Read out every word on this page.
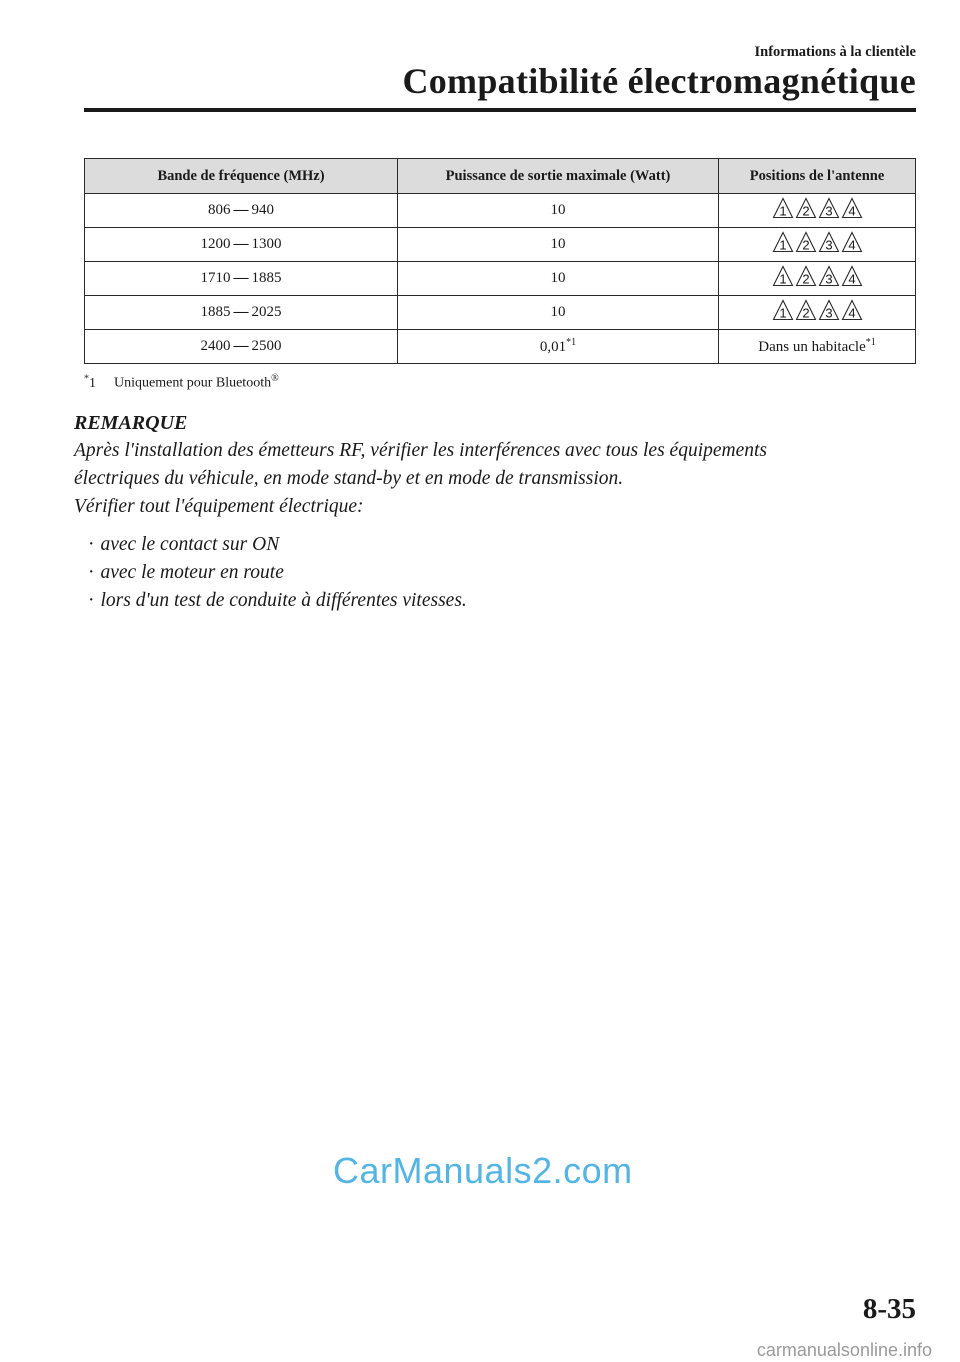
Informations à la clientèle
Compatibilité électromagnétique
Bande de fréquence (MHz)	Puissance de sortie maximale (Watt)	Positions de l'antenne
806 — 940	10	1 2 3 4

1200 — 1300	10	1 2 3 4

1710 — 1885	10	1 2 3 4

1885 — 2025	10	1 2 3 4

2400 — 2500	0,01$^{*1}$	Dans un habitacle$^{*1}$
*1 Uniquement pour Bluetooth®
REMARQUE

Après l'installation des émetteurs RF, vérifier les interférences avec tous les équipements
électriques du véhicule, en mode stand-by et en mode de transmission.
Vérifier tout l'équipement électrique:

· avec le contact sur ON
· avec le moteur en route
· lors d'un test de conduite à différentes vitesses.
CarManuals2.com
8-35
carmanualsonline.info
